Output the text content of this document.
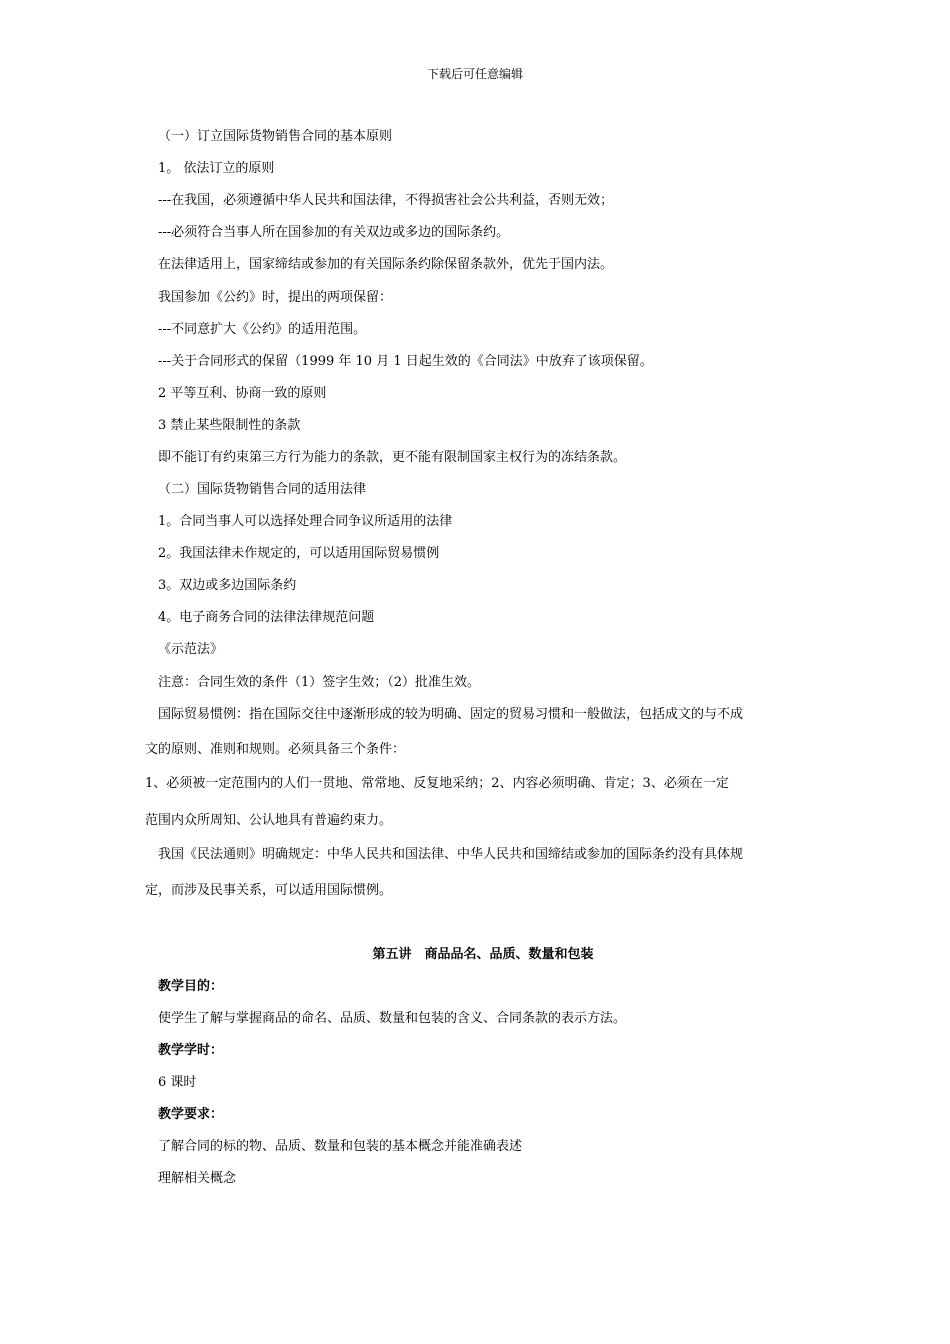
下载后可任意编辑
（一）订立国际货物销售合同的基本原则
1。 依法订立的原则
---在我国，必须遵循中华人民共和国法律，不得损害社会公共利益，否则无效；
---必须符合当事人所在国参加的有关双边或多边的国际条约。
在法律适用上，国家缔结或参加的有关国际条约除保留条款外，优先于国内法。
我国参加《公约》时，提出的两项保留：
---不同意扩大《公约》的适用范围。
---关于合同形式的保留（1999 年 10 月 1 日起生效的《合同法》中放弃了该项保留。
2 平等互利、协商一致的原则
3 禁止某些限制性的条款
即不能订有约束第三方行为能力的条款，更不能有限制国家主权行为的冻结条款。
（二）国际货物销售合同的适用法律
1。合同当事人可以选择处理合同争议所适用的法律
2。我国法律未作规定的，可以适用国际贸易惯例
3。双边或多边国际条约
4。电子商务合同的法律法律规范问题
《示范法》
注意：合同生效的条件（1）签字生效；（2）批准生效。
国际贸易惯例：指在国际交往中逐渐形成的较为明确、固定的贸易习惯和一般做法，包括成文的与不成
文的原则、准则和规则。必须具备三个条件：
1、必须被一定范围内的人们一贯地、常常地、反复地采纳；2、内容必须明确、肯定；3、必须在一定
范围内众所周知、公认地具有普遍约束力。
我国《民法通则》明确规定：中华人民共和国法律、中华人民共和国缔结或参加的国际条约没有具体规
定，而涉及民事关系，可以适用国际惯例。
第五讲　商品品名、品质、数量和包装
教学目的：
使学生了解与掌握商品的命名、品质、数量和包装的含义、合同条款的表示方法。
教学学时：
6 课时
教学要求：
了解合同的标的物、品质、数量和包装的基本概念并能准确表述
理解相关概念
